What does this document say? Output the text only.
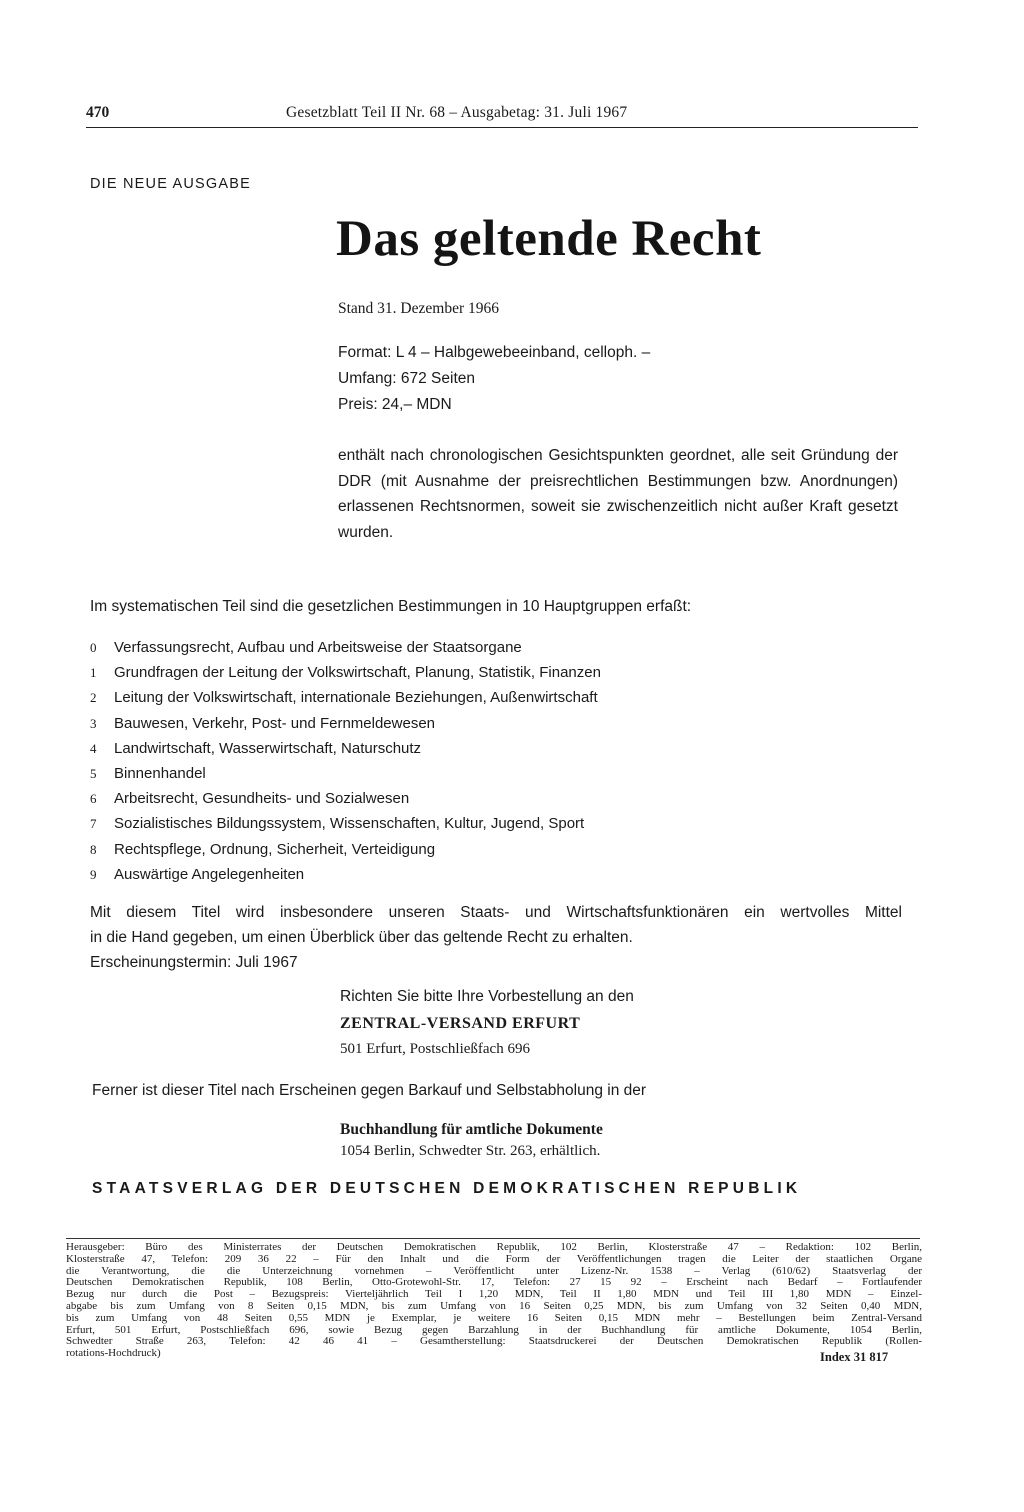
470	Gesetzblatt Teil II Nr. 68 – Ausgabetag: 31. Juli 1967
DIE NEUE AUSGABE
Das geltende Recht
Stand 31. Dezember 1966
Format: L 4 – Halbgewebeeinband, celloph. –
Umfang: 672 Seiten
Preis: 24,– MDN
enthält nach chronologischen Gesichtspunkten geordnet, alle seit Gründung der DDR (mit Ausnahme der preisrechtlichen Bestimmungen bzw. Anordnungen) erlassenen Rechtsnormen, soweit sie zwischenzeitlich nicht außer Kraft gesetzt wurden.
Im systematischen Teil sind die gesetzlichen Bestimmungen in 10 Hauptgruppen erfaßt:
0 Verfassungsrecht, Aufbau und Arbeitsweise der Staatsorgane
1 Grundfragen der Leitung der Volkswirtschaft, Planung, Statistik, Finanzen
2 Leitung der Volkswirtschaft, internationale Beziehungen, Außenwirtschaft
3 Bauwesen, Verkehr, Post- und Fernmeldewesen
4 Landwirtschaft, Wasserwirtschaft, Naturschutz
5 Binnenhandel
6 Arbeitsrecht, Gesundheits- und Sozialwesen
7 Sozialistisches Bildungssystem, Wissenschaften, Kultur, Jugend, Sport
8 Rechtspflege, Ordnung, Sicherheit, Verteidigung
9 Auswärtige Angelegenheiten
Mit diesem Titel wird insbesondere unseren Staats- und Wirtschaftsfunktionären ein wertvolles Mittel
in die Hand gegeben, um einen Überblick über das geltende Recht zu erhalten.
Erscheinungstermin: Juli 1967
Richten Sie bitte Ihre Vorbestellung an den
ZENTRAL-VERSAND ERFURT
501 Erfurt, Postschließfach 696
Ferner ist dieser Titel nach Erscheinen gegen Barkauf und Selbstabholung in der
Buchhandlung für amtliche Dokumente
1054 Berlin, Schwedter Str. 263, erhältlich.
STAATSVERLAG DER DEUTSCHEN DEMOKRATISCHEN REPUBLIK
Herausgeber: Büro des Ministerrates der Deutschen Demokratischen Republik, 102 Berlin, Klosterstraße 47 – Redaktion: 102 Berlin,
Klosterstraße 47, Telefon: 209 36 22 – Für den Inhalt und die Form der Veröffentlichungen tragen die Leiter der staatlichen Organe
die Verantwortung, die die Unterzeichnung vornehmen – Veröffentlicht unter Lizenz-Nr. 1538 – Verlag (610/62) Staatsverlag der
Deutschen Demokratischen Republik, 108 Berlin, Otto-Grotewohl-Str. 17, Telefon: 27 15 92 – Erscheint nach Bedarf – Fortlaufender
Bezug nur durch die Post – Bezugspreis: Vierteljährlich Teil I 1,20 MDN, Teil II 1,80 MDN und Teil III 1,80 MDN – Einzel-
abgabe bis zum Umfang von 8 Seiten 0,15 MDN, bis zum Umfang von 16 Seiten 0,25 MDN, bis zum Umfang von 32 Seiten 0,40 MDN,
bis zum Umfang von 48 Seiten 0,55 MDN je Exemplar, je weitere 16 Seiten 0,15 MDN mehr – Bestellungen beim Zentral-Versand
Erfurt, 501 Erfurt, Postschließfach 696, sowie Bezug gegen Barzahlung in der Buchhandlung für amtliche Dokumente, 1054 Berlin,
Schwedter Straße 263, Telefon: 42 46 41 – Gesamtherstellung: Staatsdruckerei der Deutschen Demokratischen Republik (Rollen-
rotations-Hochdruck)	Index 31 817
